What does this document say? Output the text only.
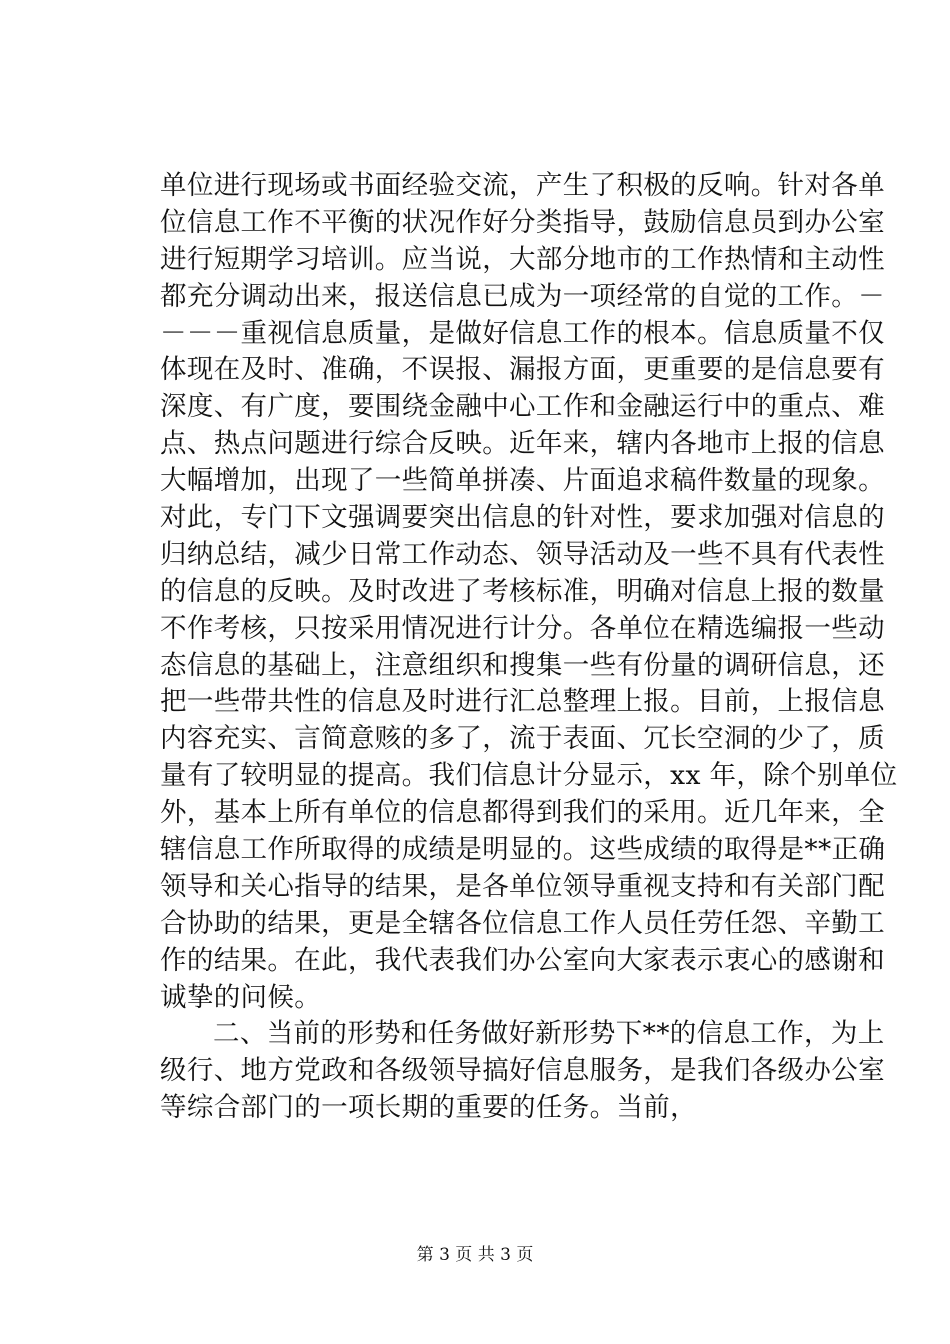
单位进行现场或书面经验交流，产生了积极的反响。针对各单
位信息工作不平衡的状况作好分类指导，鼓励信息员到办公室
进行短期学习培训。应当说，大部分地市的工作热情和主动性
都充分调动出来，报送信息已成为一项经常的自觉的工作。－
－－－重视信息质量，是做好信息工作的根本。信息质量不仅
体现在及时、准确，不误报、漏报方面，更重要的是信息要有
深度、有广度，要围绕金融中心工作和金融运行中的重点、难
点、热点问题进行综合反映。近年来，辖内各地市上报的信息
大幅增加，出现了一些简单拼凑、片面追求稿件数量的现象。
对此，专门下文强调要突出信息的针对性，要求加强对信息的
归纳总结，减少日常工作动态、领导活动及一些不具有代表性
的信息的反映。及时改进了考核标准，明确对信息上报的数量
不作考核，只按采用情况进行计分。各单位在精选编报一些动
态信息的基础上，注意组织和搜集一些有份量的调研信息，还
把一些带共性的信息及时进行汇总整理上报。目前，上报信息
内容充实、言简意赅的多了，流于表面、冗长空洞的少了，质
量有了较明显的提高。我们信息计分显示，xx 年，除个别单位
外，基本上所有单位的信息都得到我们的采用。近几年来，全
辖信息工作所取得的成绩是明显的。这些成绩的取得是**正确
领导和关心指导的结果，是各单位领导重视支持和有关部门配
合协助的结果，更是全辖各位信息工作人员任劳任怨、辛勤工
作的结果。在此，我代表我们办公室向大家表示衷心的感谢和
诚挚的问候。
二、当前的形势和任务做好新形势下**的信息工作，为上
级行、地方党政和各级领导搞好信息服务，是我们各级办公室
等综合部门的一项长期的重要的任务。当前，
第 3 页 共 3 页
